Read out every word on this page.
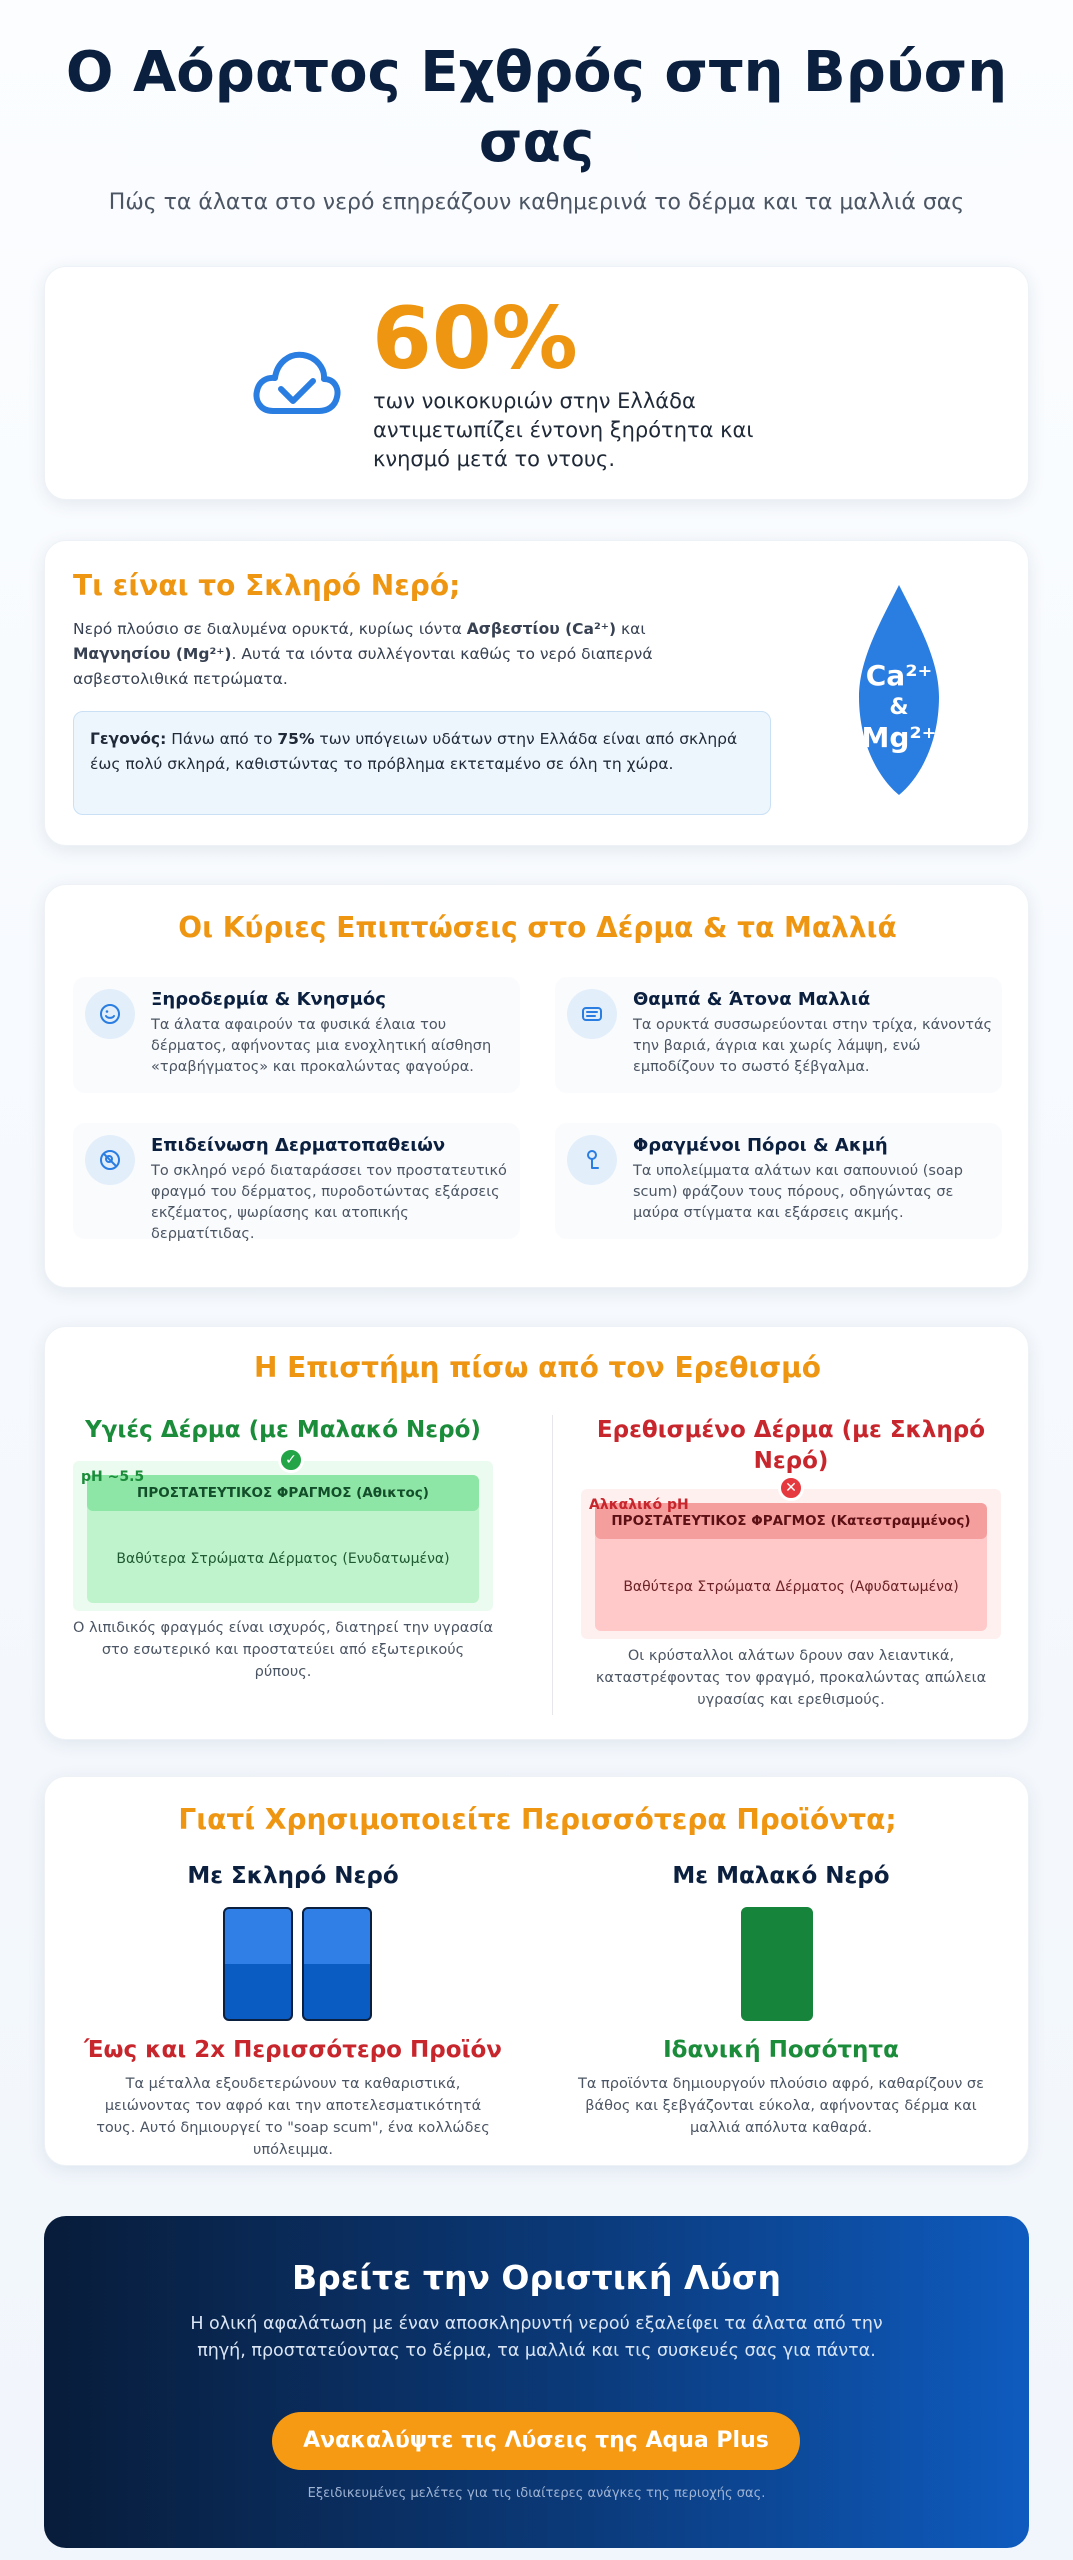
Ο Αόρατος Εχθρός στη Βρύση σας

Πώς τα άλατα στο νερό επηρεάζουν καθημερινά το δέρμα και τα μαλλιά σας

60%
των νοικοκυριών στην Ελλάδα αντιμετωπίζει έντονη ξηρότητα και κνησμό μετά το ντους.
Τι είναι το Σκληρό Νερό;

Νερό πλούσιο σε διαλυμένα ορυκτά, κυρίως ιόντα Ασβεστίου (Ca²⁺) και Μαγνησίου (Mg²⁺). Αυτά τα ιόντα συλλέγονται καθώς το νερό διαπερνά ασβεστολιθικά πετρώματα.

Γεγονός: Πάνω από το 75% των υπόγειων υδάτων στην Ελλάδα είναι από σκληρά έως πολύ σκληρά, καθιστώντας το πρόβλημα εκτεταμένο σε όλη τη χώρα.
Ca²⁺
&
Mg²⁺
Οι Κύριες Επιπτώσεις στο Δέρμα & τα Μαλλιά
Ξηροδερμία & Κνησμός
Τα άλατα αφαιρούν τα φυσικά έλαια του δέρματος, αφήνοντας μια ενοχλητική αίσθηση «τραβήγματος» και προκαλώντας φαγούρα.
Θαμπά & Άτονα Μαλλιά
Τα ορυκτά συσσωρεύονται στην τρίχα, κάνοντάς την βαριά, άγρια και χωρίς λάμψη, ενώ εμποδίζουν το σωστό ξέβγαλμα.
Επιδείνωση Δερματοπαθειών
Το σκληρό νερό διαταράσσει τον προστατευτικό φραγμό του δέρματος, πυροδοτώντας εξάρσεις εκζέματος, ψωρίασης και ατοπικής δερματίτιδας.
Φραγμένοι Πόροι & Ακμή
Τα υπολείμματα αλάτων και σαπουνιού (soap scum) φράζουν τους πόρους, οδηγώντας σε μαύρα στίγματα και εξάρσεις ακμής.
Η Επιστήμη πίσω από τον Ερεθισμό
Υγιές Δέρμα (με Μαλακό Νερό)
ΠΡΟΣΤΑΤΕΥΤΙΚΟΣ ΦΡΑΓΜΟΣ (Αθικτος)
Βαθύτερα Στρώματα Δέρματος (Ενυδατωμένα)
pH ~5.5
✓
Ο λιπιδικός φραγμός είναι ισχυρός, διατηρεί την υγρασία στο εσωτερικό και προστατεύει από εξωτερικούς ρύπους.
Ερεθισμένο Δέρμα (με Σκληρό Νερό)
ΠΡΟΣΤΑΤΕΥΤΙΚΟΣ ΦΡΑΓΜΟΣ (Κατεστραμμένος)
Βαθύτερα Στρώματα Δέρματος (Αφυδατωμένα)
Αλκαλικό pH
✕
Οι κρύσταλλοι αλάτων δρουν σαν λειαντικά, καταστρέφοντας τον φραγμό, προκαλώντας απώλεια υγρασίας και ερεθισμούς.
Γιατί Χρησιμοποιείτε Περισσότερα Προϊόντα;
Με Σκληρό Νερό
Έως και 2x Περισσότερο Προϊόν
Τα μέταλλα εξουδετερώνουν τα καθαριστικά, μειώνοντας τον αφρό και την αποτελεσματικότητά τους. Αυτό δημιουργεί το "soap scum", ένα κολλώδες υπόλειμμα.
Με Μαλακό Νερό
Ιδανική Ποσότητα
Τα προϊόντα δημιουργούν πλούσιο αφρό, καθαρίζουν σε βάθος και ξεβγάζονται εύκολα, αφήνοντας δέρμα και μαλλιά απόλυτα καθαρά.
Βρείτε την Οριστική Λύση

Η ολική αφαλάτωση με έναν αποσκληρυντή νερού εξαλείφει τα άλατα από την πηγή, προστατεύοντας το δέρμα, τα μαλλιά και τις συσκευές σας για πάντα.

Ανακαλύψτε τις Λύσεις της Aqua Plus

Εξειδικευμένες μελέτες για τις ιδιαίτερες ανάγκες της περιοχής σας.
